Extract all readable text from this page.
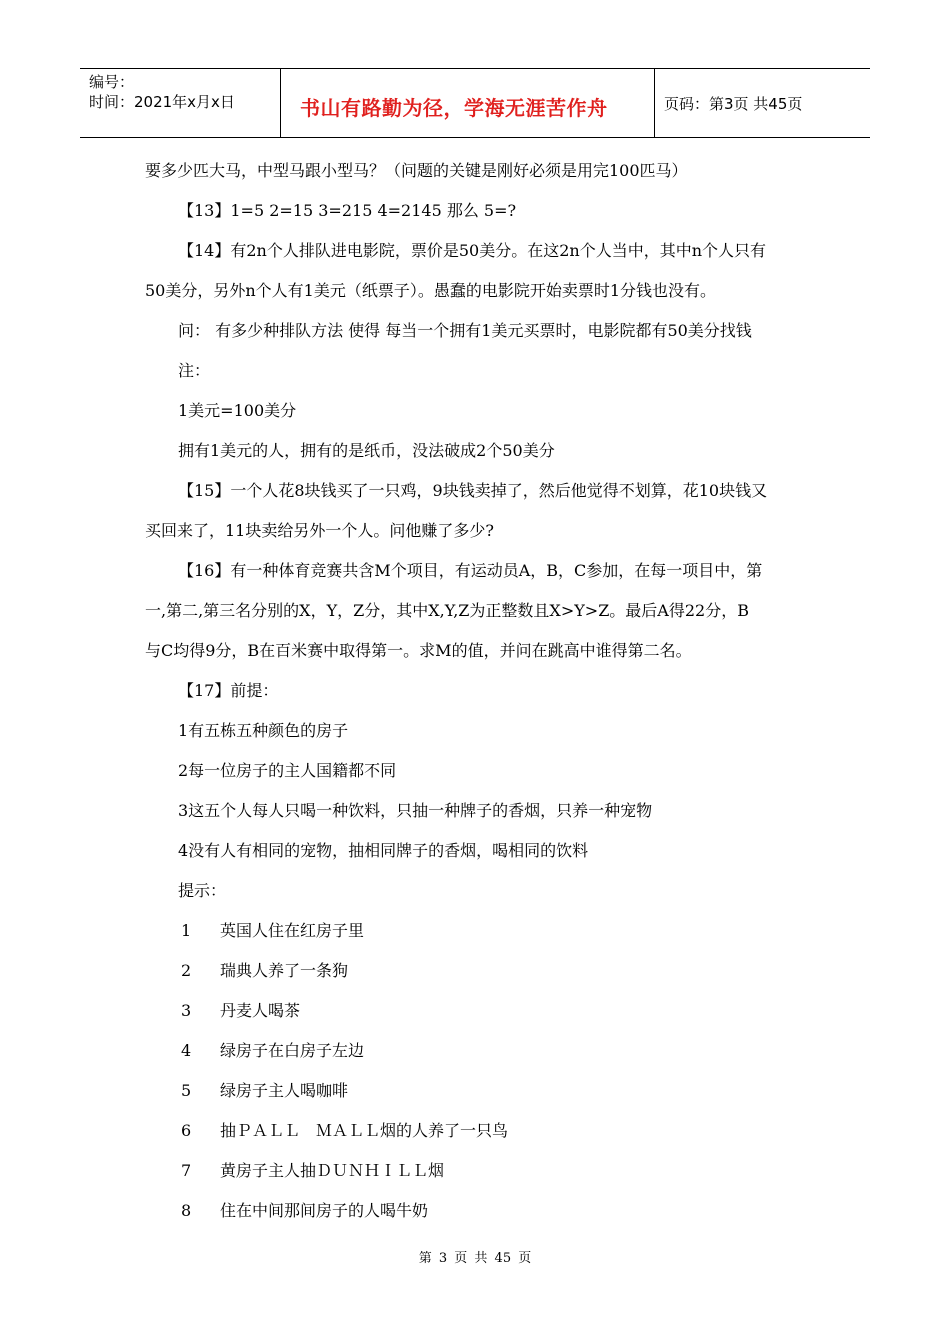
编号：
时间：2021年x月x日	书山有路勤为径，学海无涯苦作舟	页码：第3页 共45页
要多少匹大马，中型马跟小型马？（问题的关键是刚好必须是用完100匹马）
【13】1=5 2=15 3=215 4=2145 那么 5=?
【14】有2n个人排队进电影院，票价是50美分。在这2n个人当中，其中n个人只有
50美分，另外n个人有1美元（纸票子）。愚蠢的电影院开始卖票时1分钱也没有。
问： 有多少种排队方法 使得 每当一个拥有1美元买票时，电影院都有50美分找钱
注：
1美元=100美分
拥有1美元的人，拥有的是纸币，没法破成2个50美分
【15】一个人花8块钱买了一只鸡，9块钱卖掉了，然后他觉得不划算，花10块钱又
买回来了，11块卖给另外一个人。问他赚了多少?
【16】有一种体育竞赛共含M个项目，有运动员A，B，C参加，在每一项目中，第
一,第二,第三名分别的X，Y，Z分，其中X,Y,Z为正整数且X>Y>Z。最后A得22分，B
与C均得9分，B在百米赛中取得第一。求M的值，并问在跳高中谁得第二名。
【17】前提：
1有五栋五种颜色的房子
2每一位房子的主人国籍都不同
3这五个人每人只喝一种饮料，只抽一种牌子的香烟，只养一种宠物
4没有人有相同的宠物，抽相同牌子的香烟，喝相同的饮料
提示：
1 英国人住在红房子里
2 瑞典人养了一条狗
3 丹麦人喝茶
4 绿房子在白房子左边
5 绿房子主人喝咖啡
6 抽ＰＡＬＬ　ＭＡＬＬ烟的人养了一只鸟
7 黄房子主人抽ＤＵＮＨＩＬＬ烟
8 住在中间那间房子的人喝牛奶
第 3 页 共 45 页
